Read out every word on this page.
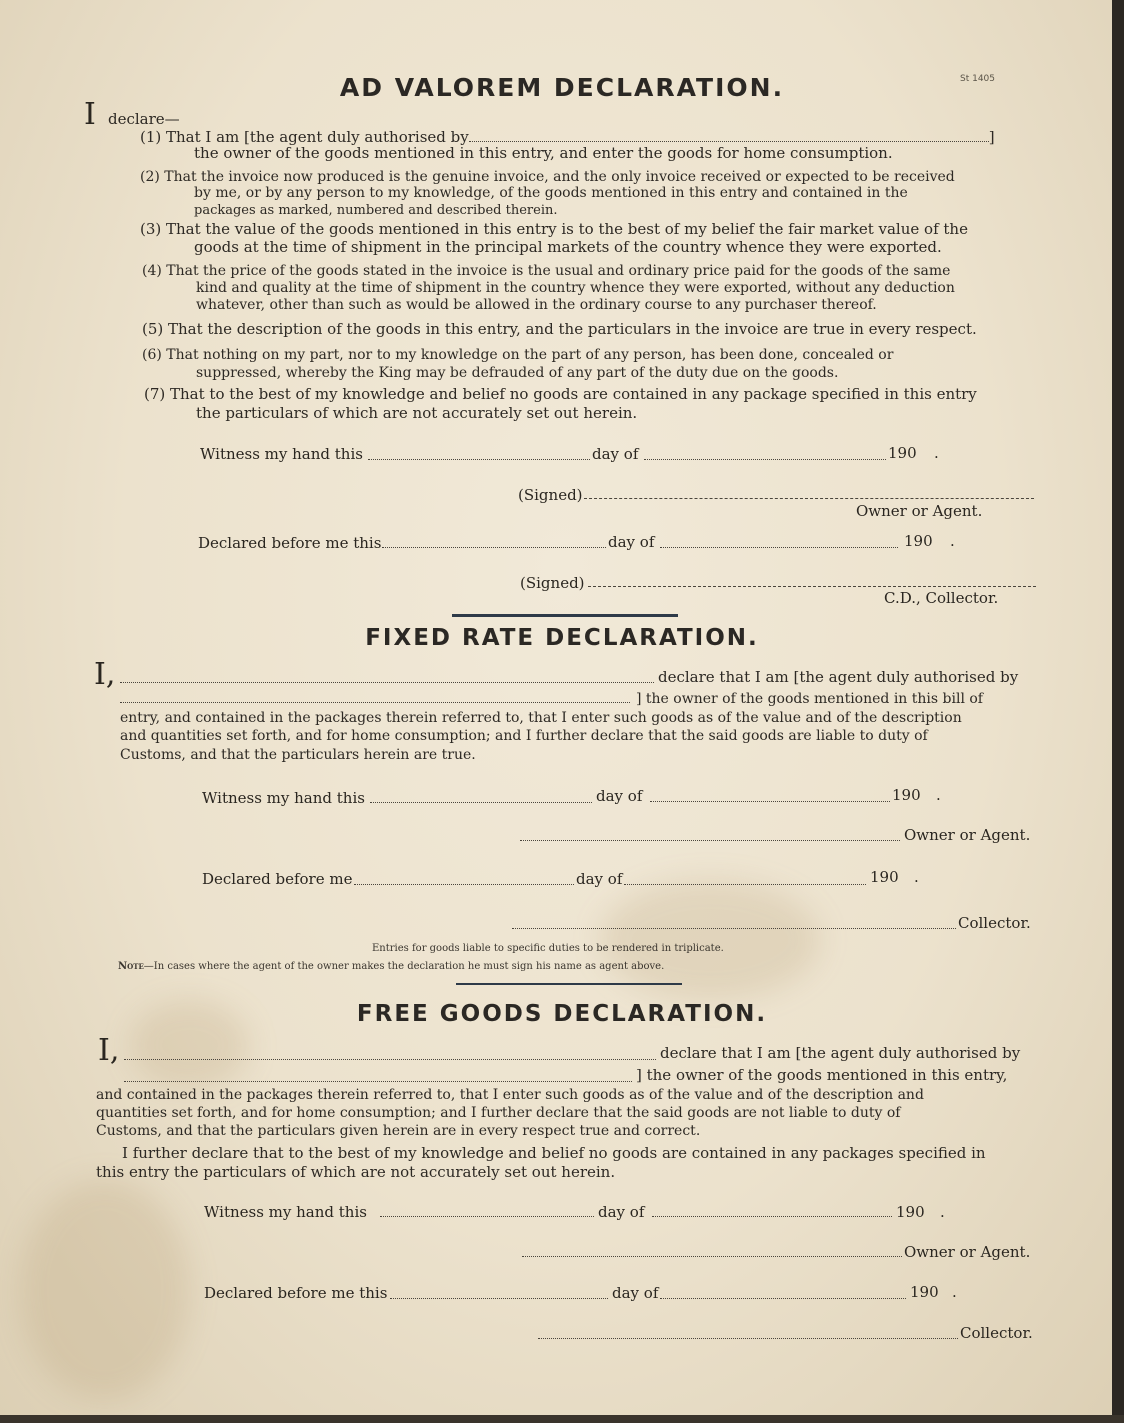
St 1405
AD VALOREM DECLARATION.
I declare—
(1) That I am [the agent duly authorised by	]
the owner of the goods mentioned in this entry, and enter the goods for home consumption.
(2) That the invoice now produced is the genuine invoice, and the only invoice received or expected to be received
by me, or by any person to my knowledge, of the goods mentioned in this entry and contained in the
packages as marked, numbered and described therein.
(3) That the value of the goods mentioned in this entry is to the best of my belief the fair market value of the
goods at the time of shipment in the principal markets of the country whence they were exported.
(4) That the price of the goods stated in the invoice is the usual and ordinary price paid for the goods of the same
kind and quality at the time of shipment in the country whence they were exported, without any deduction
whatever, other than such as would be allowed in the ordinary course to any purchaser thereof.
(5) That the description of the goods in this entry, and the particulars in the invoice are true in every respect.
(6) That nothing on my part, nor to my knowledge on the part of any person, has been done, concealed or
suppressed, whereby the King may be defrauded of any part of the duty due on the goods.
(7) That to the best of my knowledge and belief no goods are contained in any package specified in this entry
the particulars of which are not accurately set out herein.
Witness my hand this	day of	190 .
(Signed)
Owner or Agent.
Declared before me this	day of	190 .
(Signed)
C.D., Collector.
FIXED RATE DECLARATION.
I,	declare that I am [the agent duly authorised by
] the owner of the goods mentioned in this bill of
entry, and contained in the packages therein referred to, that I enter such goods as of the value and of the description
and quantities set forth, and for home consumption; and I further declare that the said goods are liable to duty of
Customs, and that the particulars herein are true.
Witness my hand this	day of	190 .
Owner or Agent.
Declared before me	day of	190 .
Collector.
Entries for goods liable to specific duties to be rendered in triplicate.
Note—In cases where the agent of the owner makes the declaration he must sign his name as agent above.
FREE GOODS DECLARATION.
I,	declare that I am [the agent duly authorised by
] the owner of the goods mentioned in this entry,
and contained in the packages therein referred to, that I enter such goods as of the value and of the description and
quantities set forth, and for home consumption; and I further declare that the said goods are not liable to duty of
Customs, and that the particulars given herein are in every respect true and correct.
I further declare that to the best of my knowledge and belief no goods are contained in any packages specified in
this entry the particulars of which are not accurately set out herein.
Witness my hand this	day of	190 .
Owner or Agent.
Declared before me this	day of	190 .
Collector.
